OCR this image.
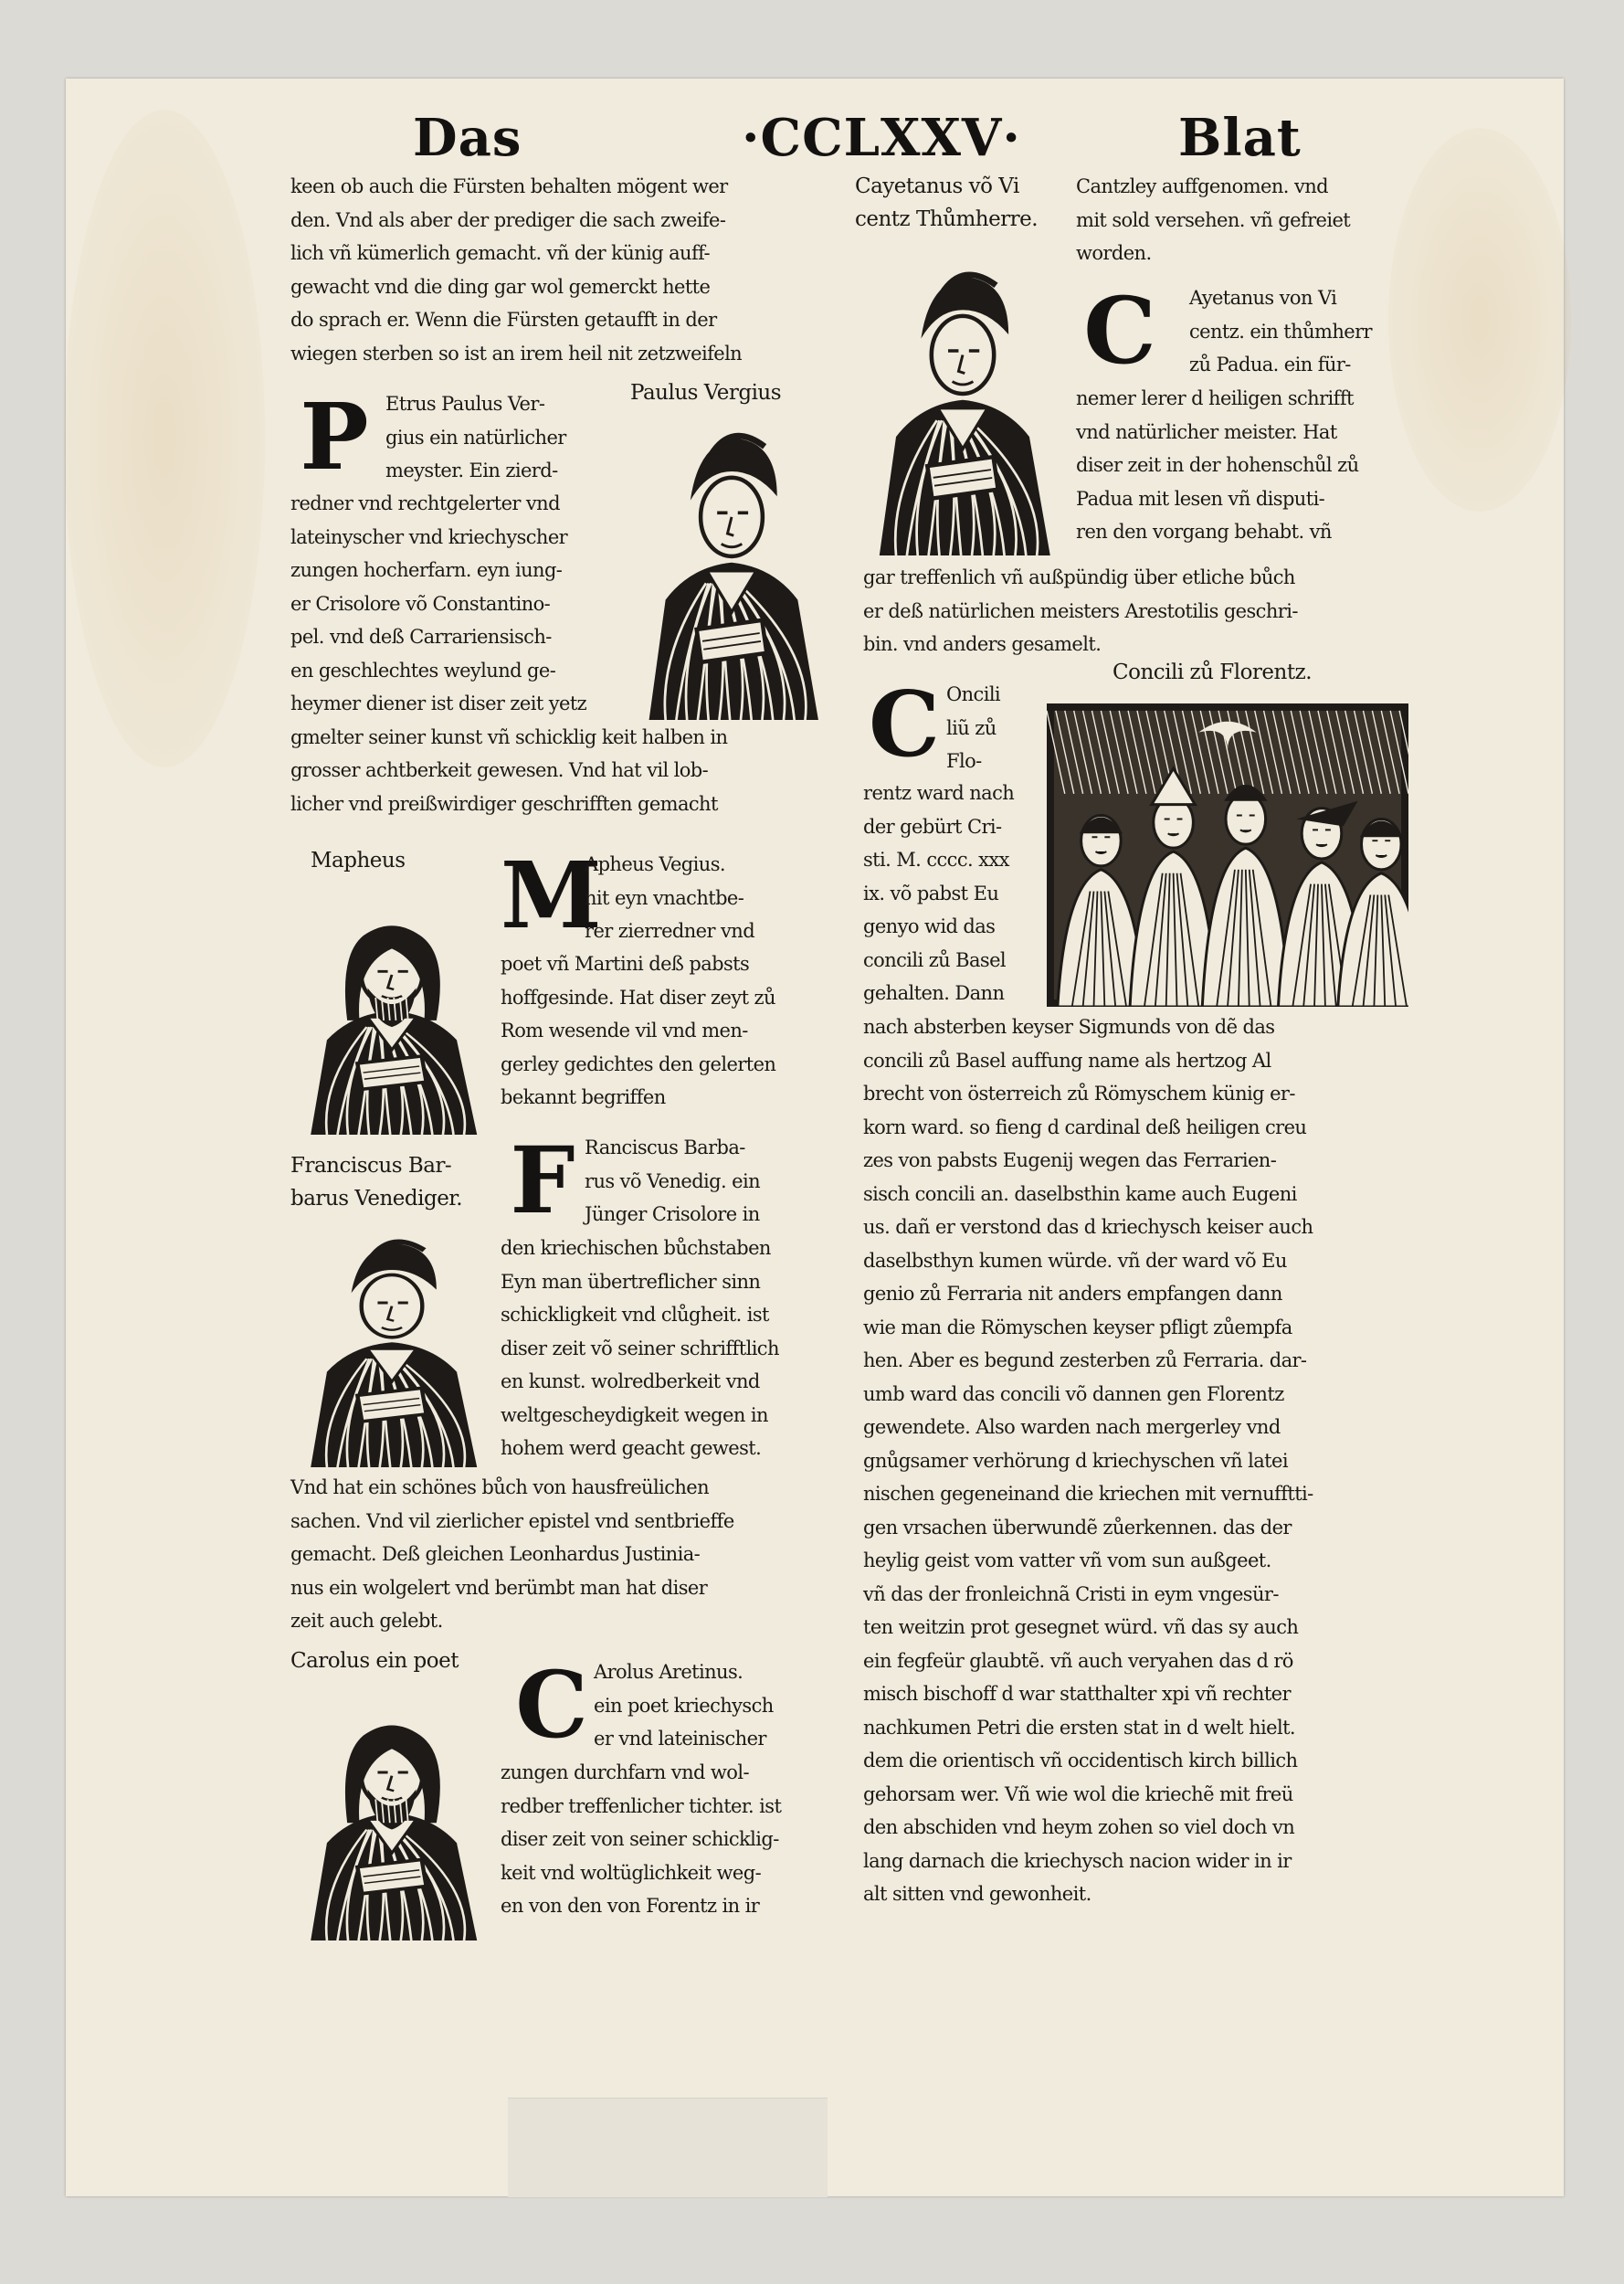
Das	·CCLXXV·	Blat
keen ob auch die Fürsten behalten mögent wer
den. Vnd als aber der prediger die sach zweife-
lich vñ kümerlich gemacht. vñ der künig auff-
gewacht vnd die ding gar wol gemerckt hette
do sprach er. Wenn die Fürsten getaufft in der
wiegen sterben so ist an irem heil nit zetzweifeln
Paulus Vergius
P Etrus Paulus Ver-
gius ein natürlicher
meyster. Ein zierd-
redner vnd rechtgelerter vnd
lateinyscher vnd kriechyscher
zungen hocherfarn. eyn iung-
er Crisolore võ Constantino-
pel. vnd deß Carrariensisch-
en geschlechtes weylund ge-
heymer diener ist diser zeit yetz
gmelter seiner kunst vñ schicklig keit halben in
grosser achtberkeit gewesen. Vnd hat vil lob-
licher vnd preißwirdiger geschrifften gemacht
Mapheus M
Apheus Vegius.
nit eyn vnachtbe-
rer zierredner vnd
poet vñ Martini deß pabsts
hoffgesinde. Hat diser zeyt zů
Rom wesende vil vnd men-
gerley gedichtes den gelerten
bekannt begriffen
Franciscus Bar-
barus Venediger. F Ranciscus Barba-
rus võ Venedig. ein
Jünger Crisolore in
den kriechischen bůchstaben
Eyn man übertreflicher sinn
schickligkeit vnd clůgheit. ist
diser zeit võ seiner schrifftlich
en kunst. wolredberkeit vnd
weltgescheydigkeit wegen in
hohem werd geacht gewest.
Vnd hat ein schönes bůch von hausfreülichen
sachen. Vnd vil zierlicher epistel vnd sentbrieffe
gemacht. Deß gleichen Leonhardus Justinia-
nus ein wolgelert vnd berümbt man hat diser
zeit auch gelebt.
Carolus ein poet C Arolus Aretinus.
ein poet kriechysch
er vnd lateinischer
zungen durchfarn vnd wol-
redber treffenlicher tichter. ist
diser zeit von seiner schicklig-
keit vnd woltüglichkeit weg-
en von den von Forentz in ir
Cayetanus võ Vi
centz Thůmherre.
Cantzley auffgenomen. vnd
mit sold versehen. vñ gefreiet
worden.
C	Ayetanus von Vi
centz. ein thůmherr
zů Padua. ein für-
nemer lerer d heiligen schrifft
vnd natürlicher meister. Hat
diser zeit in der hohenschůl zů
Padua mit lesen vñ disputi-
ren den vorgang behabt. vñ
gar treffenlich vñ außpündig über etliche bůch
er deß natürlichen meisters Arestotilis geschri-
bin. vnd anders gesamelt.
Concili zů Florentz.
C Oncili
liũ zů
Flo-
rentz ward nach
der gebürt Cri-
sti. M. cccc. xxx
ix. võ pabst Eu
genyo wid das
concili zů Basel
gehalten. Dann
nach absterben keyser Sigmunds von dẽ das
concili zů Basel auffung name als hertzog Al
brecht von österreich zů Römyschem künig er-
korn ward. so fieng d cardinal deß heiligen creu
zes von pabsts Eugenij wegen das Ferrarien-
sisch concili an. daselbsthin kame auch Eugeni
us. dañ er verstond das d kriechysch keiser auch
daselbsthyn kumen würde. vñ der ward võ Eu
genio zů Ferraria nit anders empfangen dann
wie man die Römyschen keyser pfligt zůempfa
hen. Aber es begund zesterben zů Ferraria. dar-
umb ward das concili võ dannen gen Florentz
gewendete. Also warden nach mergerley vnd
gnůgsamer verhörung d kriechyschen vñ latei
nischen gegeneinand die kriechen mit vernufftti-
gen vrsachen überwundẽ zůerkennen. das der
heylig geist vom vatter vñ vom sun außgeet.
vñ das der fronleichnã Cristi in eym vngesür-
ten weitzin prot gesegnet würd. vñ das sy auch
ein fegfeür glaubtẽ. vñ auch veryahen das d rö
misch bischoff d war statthalter xpi vñ rechter
nachkumen Petri die ersten stat in d welt hielt.
dem die orientisch vñ occidentisch kirch billich
gehorsam wer. Vñ wie wol die kriechẽ mit freü
den abschiden vnd heym zohen so viel doch vn
lang darnach die kriechysch nacion wider in ir
alt sitten vnd gewonheit.
